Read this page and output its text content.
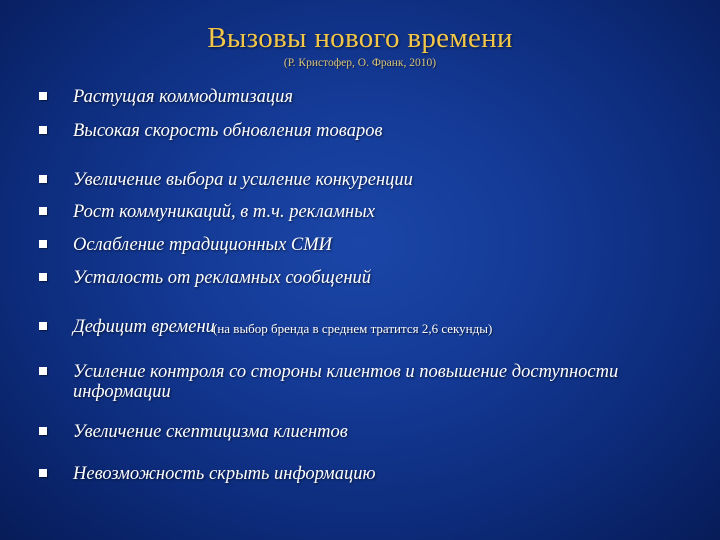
Вызовы нового времени
(Р. Кристофер, О. Франк, 2010)
Растущая коммодитизация
Высокая скорость обновления товаров
Увеличение выбора и усиление конкуренции
Рост коммуникаций, в т.ч. рекламных
Ослабление традиционных СМИ
Усталость от рекламных сообщений
Дефицит времени
(на выбор бренда в среднем тратится 2,6 секунды)
Усиление контроля со стороны клиентов и повышение доступности информации
Увеличение скептицизма клиентов
Невозможность скрыть информацию
